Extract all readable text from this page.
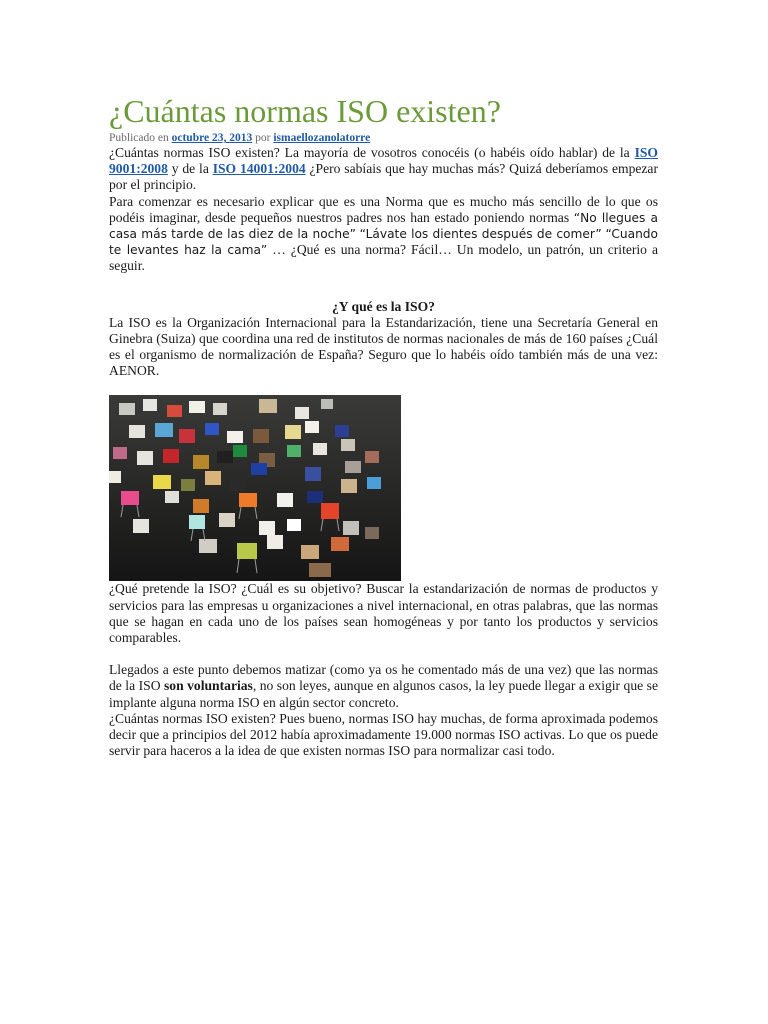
¿Cuántas normas ISO existen?
Publicado en octubre 23, 2013 por ismaellozanolatorre

¿Cuántas normas ISO existen? La mayoría de vosotros conocéis (o habéis oído hablar) de la ISO 9001:2008 y de la ISO 14001:2004 ¿Pero sabíais que hay muchas más? Quizá deberíamos empezar por el principio.

Para comenzar es necesario explicar que es una Norma que es mucho más sencillo de lo que os podéis imaginar, desde pequeños nuestros padres nos han estado poniendo normas “No llegues a casa más tarde de las diez de la noche” “Lávate los dientes después de comer” “Cuando te levantes haz la cama” … ¿Qué es una norma? Fácil… Un modelo, un patrón, un criterio a seguir.

¿Y qué es la ISO?

La ISO es la Organización Internacional para la Estandarización, tiene una Secretaría General en Ginebra (Suiza) que coordina una red de institutos de normas nacionales de más de 160 países ¿Cuál es el organismo de normalización de España? Seguro que lo habéis oído también más de una vez: AENOR.

¿Qué pretende la ISO? ¿Cuál es su objetivo? Buscar la estandarización de normas de productos y servicios para las empresas u organizaciones a nivel internacional, en otras palabras, que las normas que se hagan en cada uno de los países sean homogéneas y por tanto los productos y servicios comparables.

Llegados a este punto debemos matizar (como ya os he comentado más de una vez) que las normas de la ISO son voluntarias, no son leyes, aunque en algunos casos, la ley puede llegar a exigir que se implante alguna norma ISO en algún sector concreto.

¿Cuántas normas ISO existen? Pues bueno, normas ISO hay muchas, de forma aproximada podemos decir que a principios del 2012 había aproximadamente 19.000 normas ISO activas. Lo que os puede servir para haceros a la idea de que existen normas ISO para normalizar casi todo.
